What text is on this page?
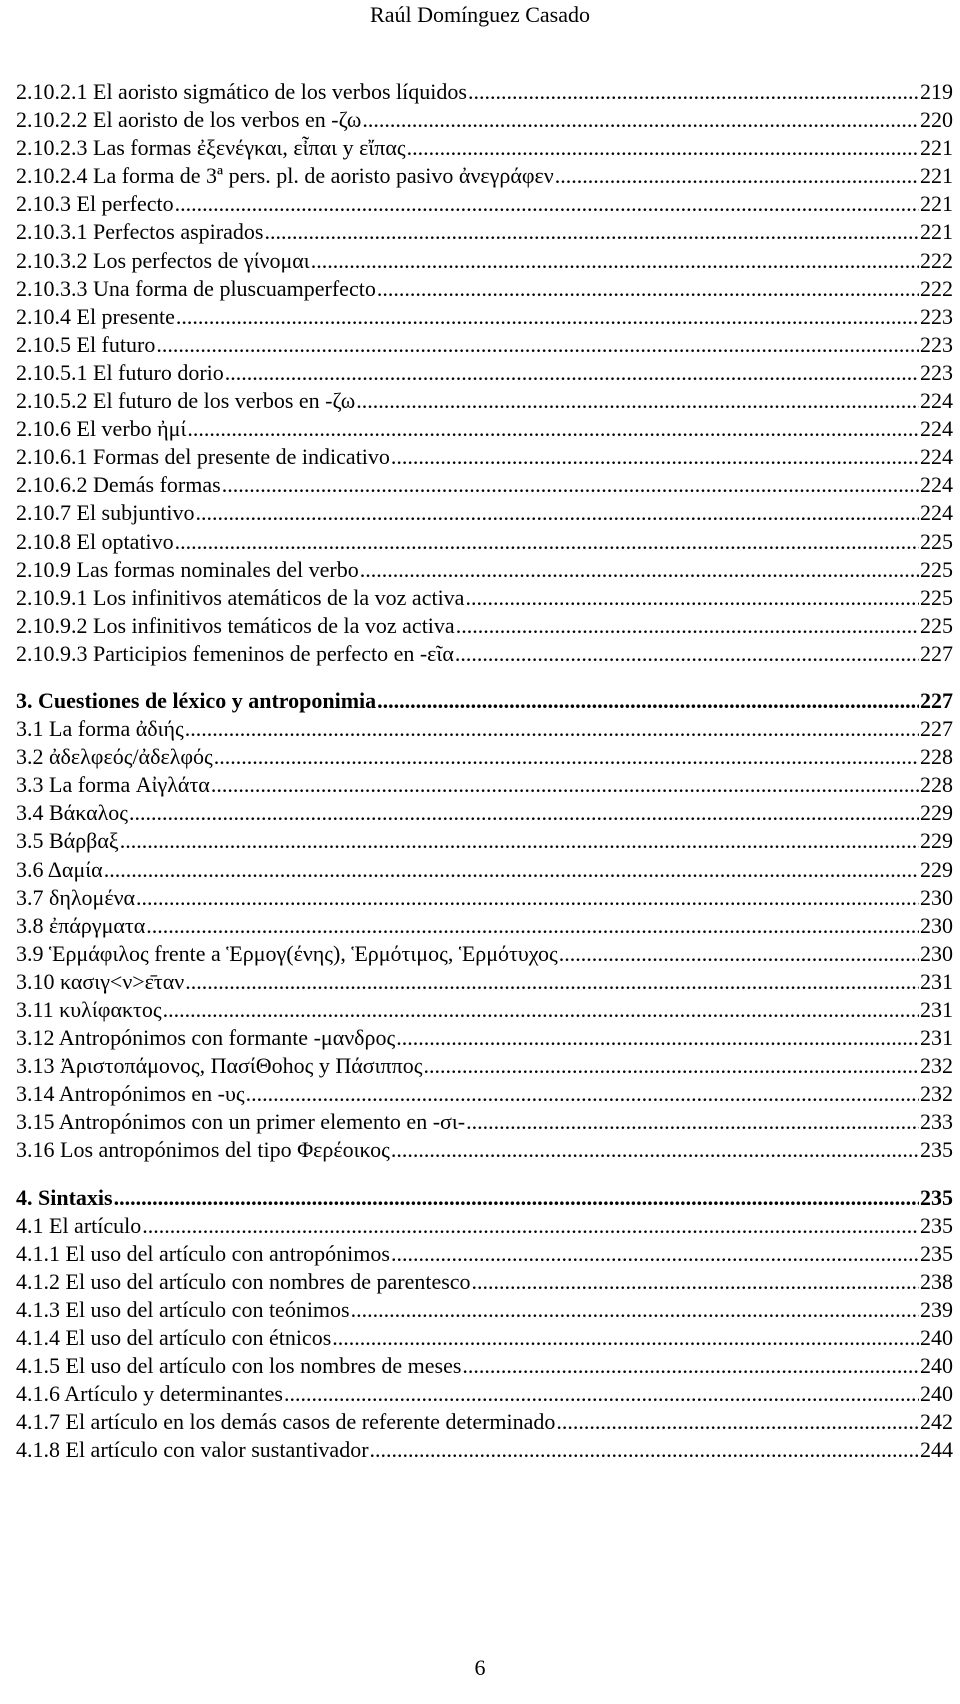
Raúl Domínguez Casado
2.10.2.1 El aoristo sigmático de los verbos líquidos .....	219
2.10.2.2 El aoristo de los verbos en -ζω .....	220
2.10.2.3 Las formas ἐξενέγκαι, εἶπαι y εἴπας .....	221
2.10.2.4 La forma de 3ª pers. pl. de aoristo pasivo ἀνεγράφεν .....	221
2.10.3 El perfecto .....	221
2.10.3.1 Perfectos aspirados .....	221
2.10.3.2 Los perfectos de γίνομαι .....	222
2.10.3.3 Una forma de pluscuamperfecto .....	222
2.10.4 El presente .....	223
2.10.5 El futuro .....	223
2.10.5.1 El futuro dorio .....	223
2.10.5.2 El futuro de los verbos en -ζω .....	224
2.10.6 El verbo ἠμί .....	224
2.10.6.1 Formas del presente de indicativo .....	224
2.10.6.2 Demás formas .....	224
2.10.7 El subjuntivo .....	224
2.10.8 El optativo .....	225
2.10.9 Las formas nominales del verbo .....	225
2.10.9.1 Los infinitivos atemáticos de la voz activa .....	225
2.10.9.2 Los infinitivos temáticos de la voz activa .....	225
2.10.9.3 Participios femeninos de perfecto en -εῖα .....	227
3. Cuestiones de léxico y antroponimia .....	227
3.1 La forma ἀδιής .....	227
3.2 ἀδελφεός/ἀδελφός .....	228
3.3 La forma Αἰγλάτα .....	228
3.4 Βάκαλος .....	229
3.5 Βάρβαξ .....	229
3.6 Δαμία .....	229
3.7 δηλομένα .....	230
3.8 ἐπάργματα .....	230
3.9 Ἑρμάφιλος frente a Ἑρμογ(ένης), Ἑρμότιμος, Ἑρμότυχος .....	230
3.10 κασιγ<ν>ε̄ταν .....	231
3.11 κυλίφακτος .....	231
3.12 Antropónimos con formante -μανδρος .....	231
3.13 Ἀριστοπάμονος, ΠασίΘοhος y Πάσιππος .....	232
3.14 Antropónimos en -υς .....	232
3.15 Antropónimos con un primer elemento en -σι- .....	233
3.16 Los antropónimos del tipo Φερέοικος .....	235
4. Sintaxis .....	235
4.1 El artículo .....	235
4.1.1 El uso del artículo con antropónimos .....	235
4.1.2 El uso del artículo con nombres de parentesco .....	238
4.1.3 El uso del artículo con teónimos .....	239
4.1.4 El uso del artículo con étnicos .....	240
4.1.5 El uso del artículo con los nombres de meses .....	240
4.1.6 Artículo y determinantes .....	240
4.1.7 El artículo en los demás casos de referente determinado .....	242
4.1.8 El artículo con valor sustantivador .....	244
6
